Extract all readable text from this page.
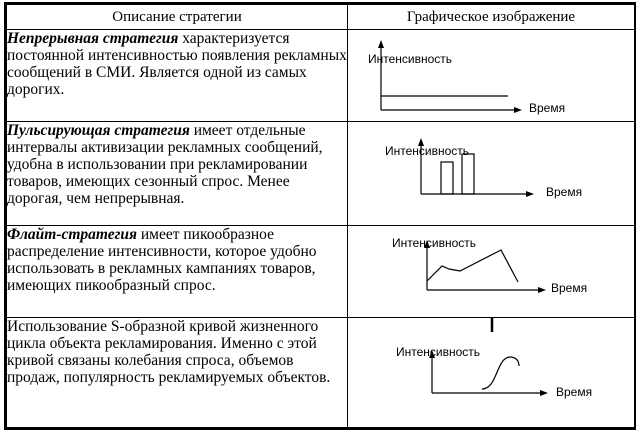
Описание стратегии	Графическое изображение
Непрерывная стратегия характеризуется постоянной интенсивностью появления рекламных сообщений в СМИ. Является одной из самых дорогих.	Интенсивность
Время

Пульсирующая стратегия имеет отдельные интервалы активизации рекламных сообщений, удобна в использовании при рекламировании товаров, имеющих сезонный спрос. Менее дорогая, чем непрерывная.	Интенсивность
Время

Флайт-стратегия имеет пикообразное распределение интенсивности, которое удобно использовать в рекламных кампаниях товаров, имеющих пикообразный спрос.	Интенсивность
Время

Использование S-образной кривой жизненного цикла объекта рекламирования. Именно с этой кривой связаны колебания спроса, объемов продаж, популярность рекламируемых объектов.	Интенсивность
Время
